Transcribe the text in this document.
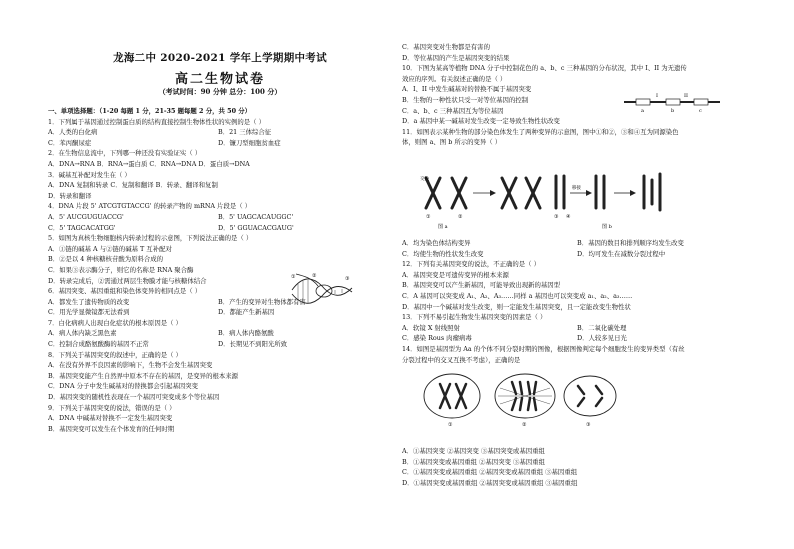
龙海二中 2020-2021 学年上学期期中考试
高二生物试卷
（考试时间：90 分钟 总分：100 分）
一、单项选择题：（1-20 每题 1 分，21-35 题每题 2 分，共 50 分）
1．下列属于基因通过控制蛋白质的结构直接控制生物体性状的实例的是（ ）
A．人类的白化病	B．21 三体综合征
C．苯丙酮尿症	D．镰刀型细胞贫血症
2．在生物信息流中，下列哪一种还没有实验证实（ ）
A．DNA→RNA B．RNA→蛋白质 C．RNA→DNA D．蛋白质→DNA
3．碱基互补配对发生在（ ）
A．DNA 复制和转录 C．复制和翻译 B．转录、翻译和复制
D．转录和翻译
4．DNA 片段 5' ATCGTGTACCG' 的转录产物的 mRNA 片段是（ ）
A．5' AUCGUGUACCG'	B．5' UAGCACAUGGC'
C．5' TAGCACATGG'	D．5' GGUACACGAUG'
5．如图为真核生物细胞核内转录过程的示意图，下列说法正确的是（ ）
A．①链的碱基 A 与②链的碱基 T 互补配对
B．②是以 4 种核糖核苷酸为原料合成的
C．如果③表示酶分子，则它的名称是 RNA 聚合酶
D．转录完成后，②需通过两层生物膜才能与核糖体结合
6．基因突变、基因重组和染色体变异的相同点是（ ）
A．都发生了遗传物质的改变	B．产生的变异对生物体都有害
C．用光学显微镜都无法看到	D．都能产生新基因
7．白化病病人出现白化症状的根本原因是（ ）
A．病人体内缺乏黑色素	B．病人体内酪氨酸
C．控制合成酪氨酸酶的基因不正常	D．长期见不到阳光所致
8．下列关于基因突变的叙述中，正确的是（ ）
A．在没有外界不良因素的影响下，生物不会发生基因突变
B．基因突变能产生自然界中原本不存在的基因，是变异的根本来源
C．DNA 分子中发生碱基对的替换都会引起基因突变
D．基因突变的随机性表现在一个基因可突变成多个等位基因
9．下列关于基因突变的说法，错误的是（ ）
A．DNA 中碱基对替换不一定发生基因突变
B．基因突变可以发生在个体发育的任何时期
①	②	③
C．基因突变对生物都是有害的
D．等位基因的产生是基因突变的结果
10．下图为某高等植物 DNA 分子中控制花色的 a、b、c 三种基因的分布状况，其中 I、II 为无遗传
效应的序列。有关叙述正确的是（ ）
A．I、II 中发生碱基对的替换不属于基因突变
B．生物的一种性状只受一对等位基因的控制
C．a、b、c 三种基因互为等位基因
D．a 基因中某一碱基对发生改变一定导致生物性状改变
11．如图表示某种生物的部分染色体发生了两种变异的示意图，图中①和②，③和④互为同源染色
体，则图 a、图 b 所示的变异（ ）
I	II
a	b	c
交换
①	②
图 a
移接
③ ④
图 b
A．均为染色体结构变异	B．基因的数目和排列顺序均发生改变
C．均使生物的性状发生改变	D．均可发生在减数分裂过程中
12．下列有关基因突变的说法，不正确的是（ ）
A．基因突变是可遗传变异的根本来源
B．基因突变可以产生新基因，可能导致出现新的基因型
C．A 基因可以突变成 A₁、A₂、A₃……同样 a 基因也可以突变成 a₁、a₂、a₃……
D．基因中一个碱基对发生改变，则一定能发生基因突变，且一定能改变生物性状
13．下列不易引起生物发生基因突变的因素是（ ）
A．软镜 X 射线照射	B．二氧化碳处理
C．感染 Rous 肉瘤病毒	D．人较多见日光
14．如图是基因型为 Aa 的个体不同分裂时期的图像，根据图像判定每个细胞发生的变异类型（有丝
分裂过程中的交叉互换不考虑），正确的是
①	②	③
A．①基因突变 ②基因突变 ③基因突变或基因重组
B．①基因突变或基因重组 ②基因突变 ③基因重组
C．①基因突变或基因重组 ②基因突变或基因重组 ③基因重组
D．①基因突变或基因重组 ②基因突变或基因重组 ③基因重组
